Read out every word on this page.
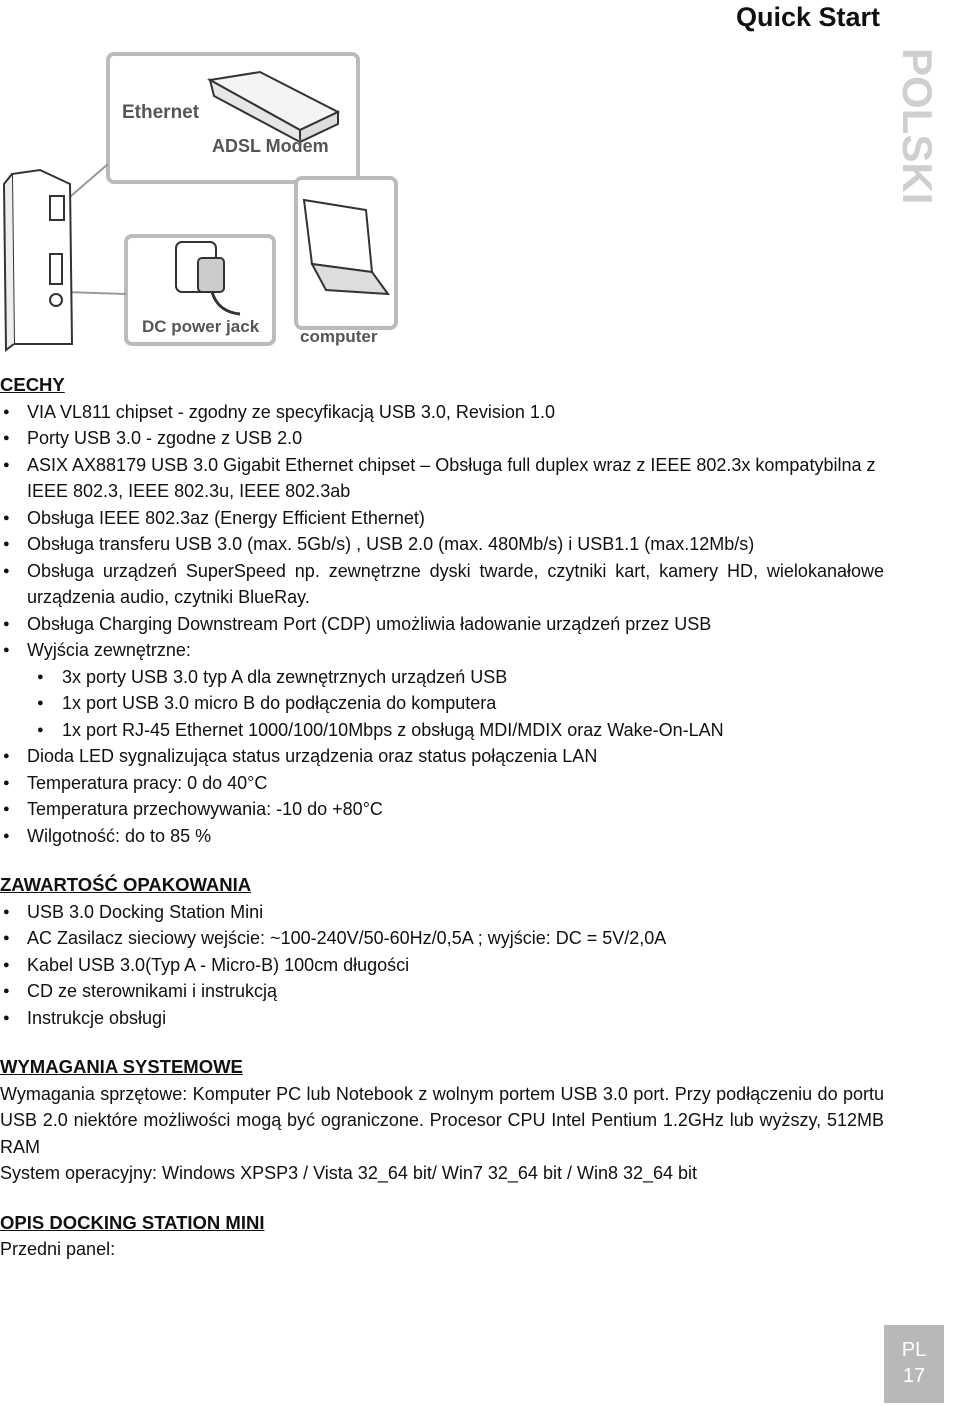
Quick Start
POLSKI
Ethernet
ADSL Modem
DC power jack
computer
CECHY
● VIA VL811 chipset - zgodny ze specyfikacją USB 3.0, Revision 1.0
● Porty USB 3.0 - zgodne z USB 2.0
● ASIX AX88179 USB 3.0 Gigabit Ethernet chipset – Obsługa full duplex wraz z IEEE 802.3x kompatybilna z IEEE 802.3, IEEE 802.3u, IEEE 802.3ab
● Obsługa IEEE 802.3az (Energy Efficient Ethernet)
● Obsługa transferu USB 3.0 (max. 5Gb/s) , USB 2.0 (max. 480Mb/s) i USB1.1 (max.12Mb/s)
● Obsługa urządzeń SuperSpeed np. zewnętrzne dyski twarde, czytniki kart, kamery HD, wielokanałowe urządzenia audio, czytniki BlueRay.
● Obsługa Charging Downstream Port (CDP) umożliwia ładowanie urządzeń przez USB
● Wyjścia zewnętrzne:
● 3x porty USB 3.0 typ A dla zewnętrznych urządzeń USB
● 1x port USB 3.0 micro B do podłączenia do komputera
● 1x port RJ-45 Ethernet 1000/100/10Mbps z obsługą MDI/MDIX oraz Wake-On-LAN
● Dioda LED sygnalizująca status urządzenia oraz status połączenia LAN
● Temperatura pracy: 0 do 40°C
● Temperatura przechowywania: -10 do +80°C
● Wilgotność: do to 85 %
ZAWARTOŚĆ OPAKOWANIA
● USB 3.0 Docking Station Mini
● AC Zasilacz sieciowy wejście: ~100-240V/50-60Hz/0,5A ; wyjście: DC = 5V/2,0A
● Kabel USB 3.0(Typ A - Micro-B) 100cm długości
● CD ze sterownikami i instrukcją
● Instrukcje obsługi
WYMAGANIA SYSTEMOWE

Wymagania sprzętowe: Komputer PC lub Notebook z wolnym portem USB 3.0 port. Przy podłączeniu do portu USB 2.0 niektóre możliwości mogą być ograniczone. Procesor CPU Intel Pentium 1.2GHz lub wyższy, 512MB RAM

System operacyjny: Windows XPSP3 / Vista 32_64 bit/ Win7 32_64 bit / Win8 32_64 bit

OPIS DOCKING STATION MINI

Przedni panel:

PL
17
